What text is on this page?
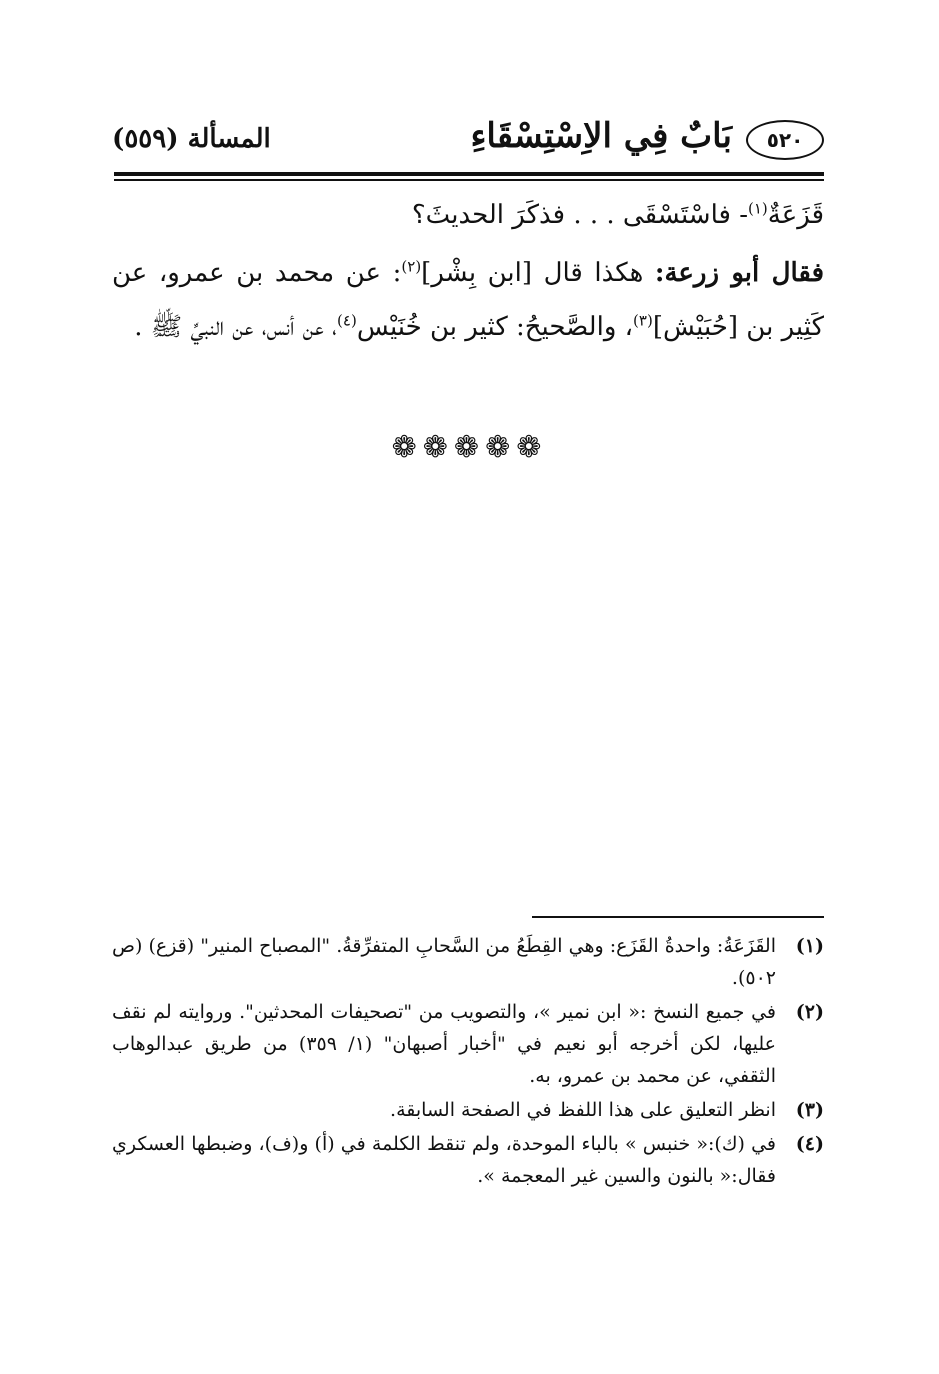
٥٢٠
بَابٌ فِي الاِسْتِسْقَاءِ
المسألة (٥٥٩)

قَزَعَةٌ$^{(١)}$- فاسْتَسْقَى . . . فذكَرَ الحديثَ؟

فقال أبو زرعة: هكذا قال [ابن بِشْر]$^{(٢)}$: عن محمد بن عمرو، عن كَثِير بن [حُبَيْش]$^{(٣)}$، والصَّحيحُ: كثير بن خُنَيْس$^{(٤)}$، عن أنس، عن النبيِّ ﷺ .

❁❁❁❁❁
(١)
القَزَعَةُ: واحدةُ القَزَع: وهي القِطَعُ من السَّحابِ المتفرِّقةُ. "المصباح المنير" (قزع) (ص ٥٠٢).
(٢)
في جميع النسخ :« ابن نمير »، والتصويب من "تصحيفات المحدثين". وروايته لم نقف عليها، لكن أخرجه أبو نعيم في "أخبار أصبهان" (١/ ٣٥٩) من طريق عبدالوهاب الثقفي، عن محمد بن عمرو، به.
(٣)
انظر التعليق على هذا اللفظ في الصفحة السابقة.
(٤)
في (ك):« خنبس » بالباء الموحدة، ولم تنقط الكلمة في (أ) و(ف)، وضبطها العسكري فقال:« بالنون والسين غير المعجمة ».
